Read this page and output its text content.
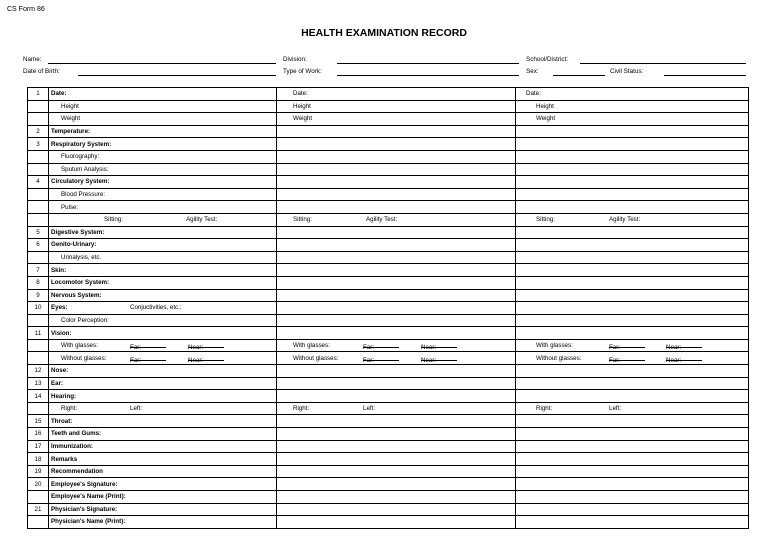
CS Form 86
HEALTH EXAMINATION RECORD
Name:	Division:	School/District:
Date of Birth:	Type of Work:	Sex:	Civil Status:
1	Date:	Date:	Date:
	Height	Height	Height
	Weight	Weight	Weight
2	Temperature:		
3	Respiratory System:		
	Fluorography:		
	Sputum Analysis:		
4	Circulatory System:		
	Blood Pressure:		
	Pulse:		

	Sitting: Agility Test:	Sitting: Agility Test:	Sitting: Agility Test:

5	Digestive System:		
6	Genito-Urinary:		
	Urinalysis, etc.		
7	Skin:		
8	Locomotor System:		
9	Nervous System:		
10	Eyes: Conjuctivities, etc.:		

	Color Perception:		
11	Vision:		

	With glasses: Far: Near:	With glasses: Far: Near:	With glasses: Far: Near:

	Without glasses: Far: Near:	Without glasses: Far: Near:	Without glasses: Far: Near:

12	Nose:		
13	Ear:		
14	Hearing:		

	Right: Left:	Right: Left:	Right: Left:

15	Throat:		
16	Teeth and Gums:		
17	Immunization:		
18	Remarks		
19	Recommendation		
20	Employee's Signature:		
	Employee's Name (Print):		
21	Physician's Signature:		
	Physician's Name (Print):		
